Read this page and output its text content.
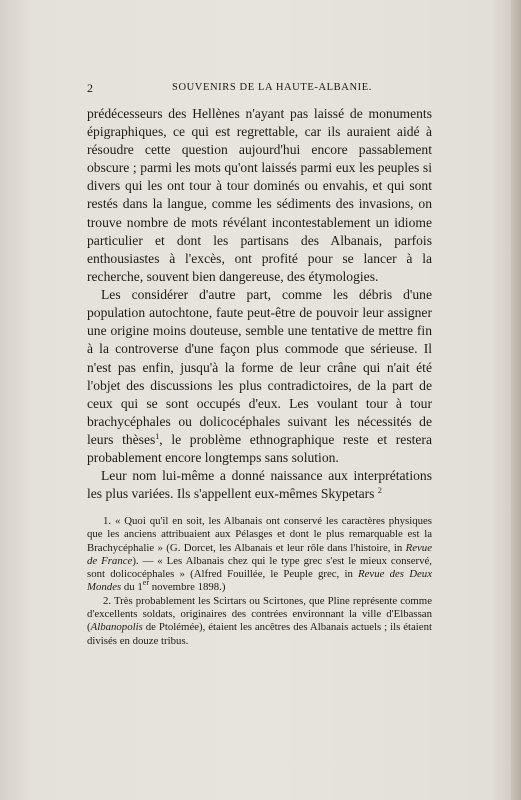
2	SOUVENIRS DE LA HAUTE-ALBANIE.

prédécesseurs des Hellènes n'ayant pas laissé de monuments épigraphiques, ce qui est regrettable, car ils auraient aidé à résoudre cette question aujourd'hui encore passablement obscure ; parmi les mots qu'ont laissés parmi eux les peuples si divers qui les ont tour à tour dominés ou envahis, et qui sont restés dans la langue, comme les sédiments des invasions, on trouve nombre de mots révélant incontestablement un idiome particulier et dont les partisans des Albanais, parfois enthousiastes à l'excès, ont profité pour se lancer à la recherche, souvent bien dangereuse, des étymologies.

Les considérer d'autre part, comme les débris d'une population autochtone, faute peut-être de pouvoir leur assigner une origine moins douteuse, semble une tentative de mettre fin à la controverse d'une façon plus commode que sérieuse. Il n'est pas enfin, jusqu'à la forme de leur crâne qui n'ait été l'objet des discussions les plus contradictoires, de la part de ceux qui se sont occupés d'eux. Les voulant tour à tour brachycéphales ou dolicocéphales suivant les nécessités de leurs thèses$^1$, le problème ethnographique reste et restera probablement encore longtemps sans solution.

Leur nom lui-même a donné naissance aux interprétations les plus variées. Ils s'appellent eux-mêmes Skypetars $^2$

1. « Quoi qu'il en soit, les Albanais ont conservé les caractères physiques que les anciens attribuaient aux Pélasges et dont le plus remarquable est la Brachycéphalie » (G. Dorcet, les Albanais et leur rôle dans l'histoire, in Revue de France). — « Les Albanais chez qui le type grec s'est le mieux conservé, sont dolicocéphales » (Alfred Fouillée, le Peuple grec, in Revue des Deux Mondes du 1er novembre 1898.)

2. Très probablement les Scirtars ou Scirtones, que Pline représente comme d'excellents soldats, originaires des contrées environnant la ville d'Elbassan (Albanopolis de Ptolémée), étaient les ancêtres des Albanais actuels ; ils étaient divisés en douze tribus.
